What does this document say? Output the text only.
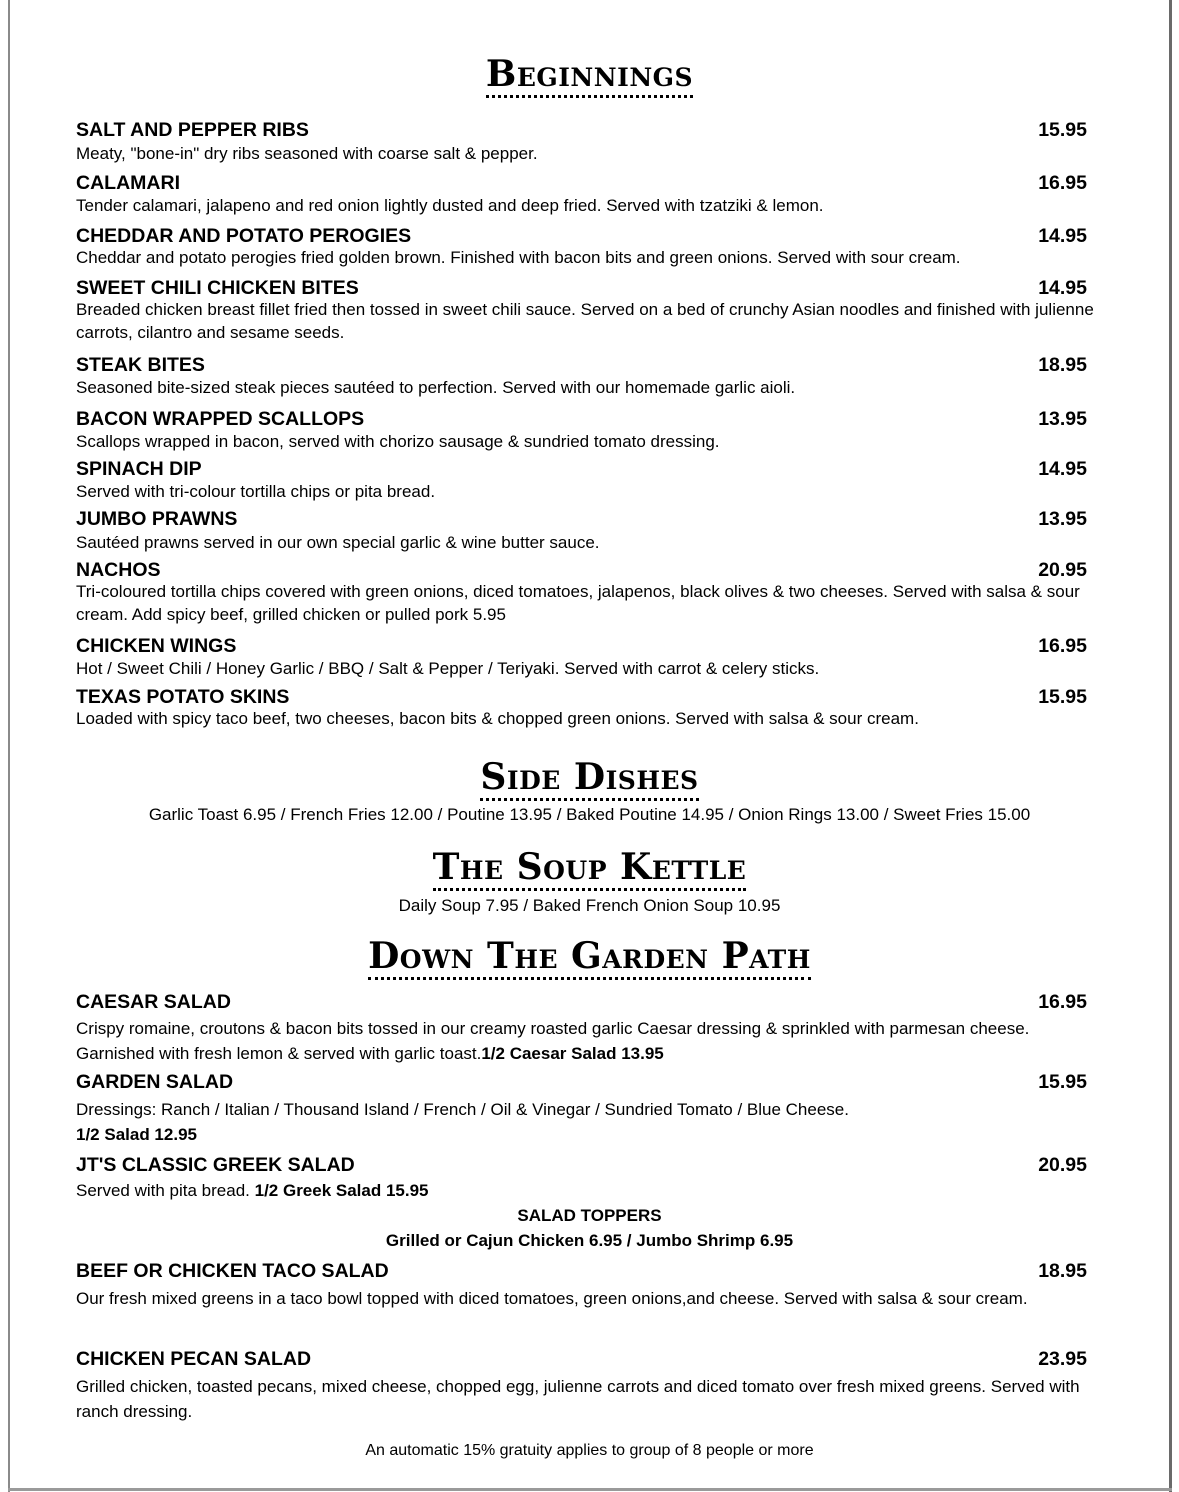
Beginnings
SALT AND PEPPER RIBS	15.95
Meaty, "bone-in" dry ribs seasoned with coarse salt & pepper.
CALAMARI	16.95
Tender calamari, jalapeno and red onion lightly dusted and deep fried. Served with tzatziki & lemon.
CHEDDAR AND POTATO PEROGIES	14.95
Cheddar and potato perogies fried golden brown. Finished with bacon bits and green onions. Served with sour cream.
SWEET CHILI CHICKEN BITES	14.95
Breaded chicken breast fillet fried then tossed in sweet chili sauce. Served on a bed of crunchy Asian noodles and finished with julienne carrots, cilantro and sesame seeds.
STEAK BITES	18.95
Seasoned bite-sized steak pieces sautéed to perfection. Served with our homemade garlic aioli.
BACON WRAPPED SCALLOPS	13.95
Scallops wrapped in bacon, served with chorizo sausage & sundried tomato dressing.
SPINACH DIP	14.95
Served with tri-colour tortilla chips or pita bread.
JUMBO PRAWNS	13.95
Sautéed prawns served in our own special garlic & wine butter sauce.
NACHOS	20.95
Tri-coloured tortilla chips covered with green onions, diced tomatoes, jalapenos, black olives & two cheeses. Served with salsa & sour cream. Add spicy beef, grilled chicken or pulled pork 5.95
CHICKEN WINGS	16.95
Hot / Sweet Chili / Honey Garlic / BBQ / Salt & Pepper / Teriyaki. Served with carrot & celery sticks.
TEXAS POTATO SKINS	15.95
Loaded with spicy taco beef, two cheeses, bacon bits & chopped green onions. Served with salsa & sour cream.
Side Dishes
Garlic Toast 6.95 / French Fries 12.00 / Poutine 13.95 / Baked Poutine 14.95 / Onion Rings 13.00 / Sweet Fries 15.00
The Soup Kettle
Daily Soup 7.95 / Baked French Onion Soup 10.95
Down The Garden Path
CAESAR SALAD	16.95
Crispy romaine, croutons & bacon bits tossed in our creamy roasted garlic Caesar dressing & sprinkled with parmesan cheese. Garnished with fresh lemon & served with garlic toast.1/2 Caesar Salad 13.95
GARDEN SALAD	15.95
Dressings: Ranch / Italian / Thousand Island / French / Oil & Vinegar / Sundried Tomato / Blue Cheese.
1/2 Salad 12.95
JT'S CLASSIC GREEK SALAD	20.95
Served with pita bread. 1/2 Greek Salad 15.95
SALAD TOPPERS
Grilled or Cajun Chicken 6.95 / Jumbo Shrimp 6.95
BEEF OR CHICKEN TACO SALAD	18.95
Our fresh mixed greens in a taco bowl topped with diced tomatoes, green onions,and cheese. Served with salsa & sour cream.
CHICKEN PECAN SALAD	23.95
Grilled chicken, toasted pecans, mixed cheese, chopped egg, julienne carrots and diced tomato over fresh mixed greens. Served with ranch dressing.
An automatic 15% gratuity applies to group of 8 people or more
